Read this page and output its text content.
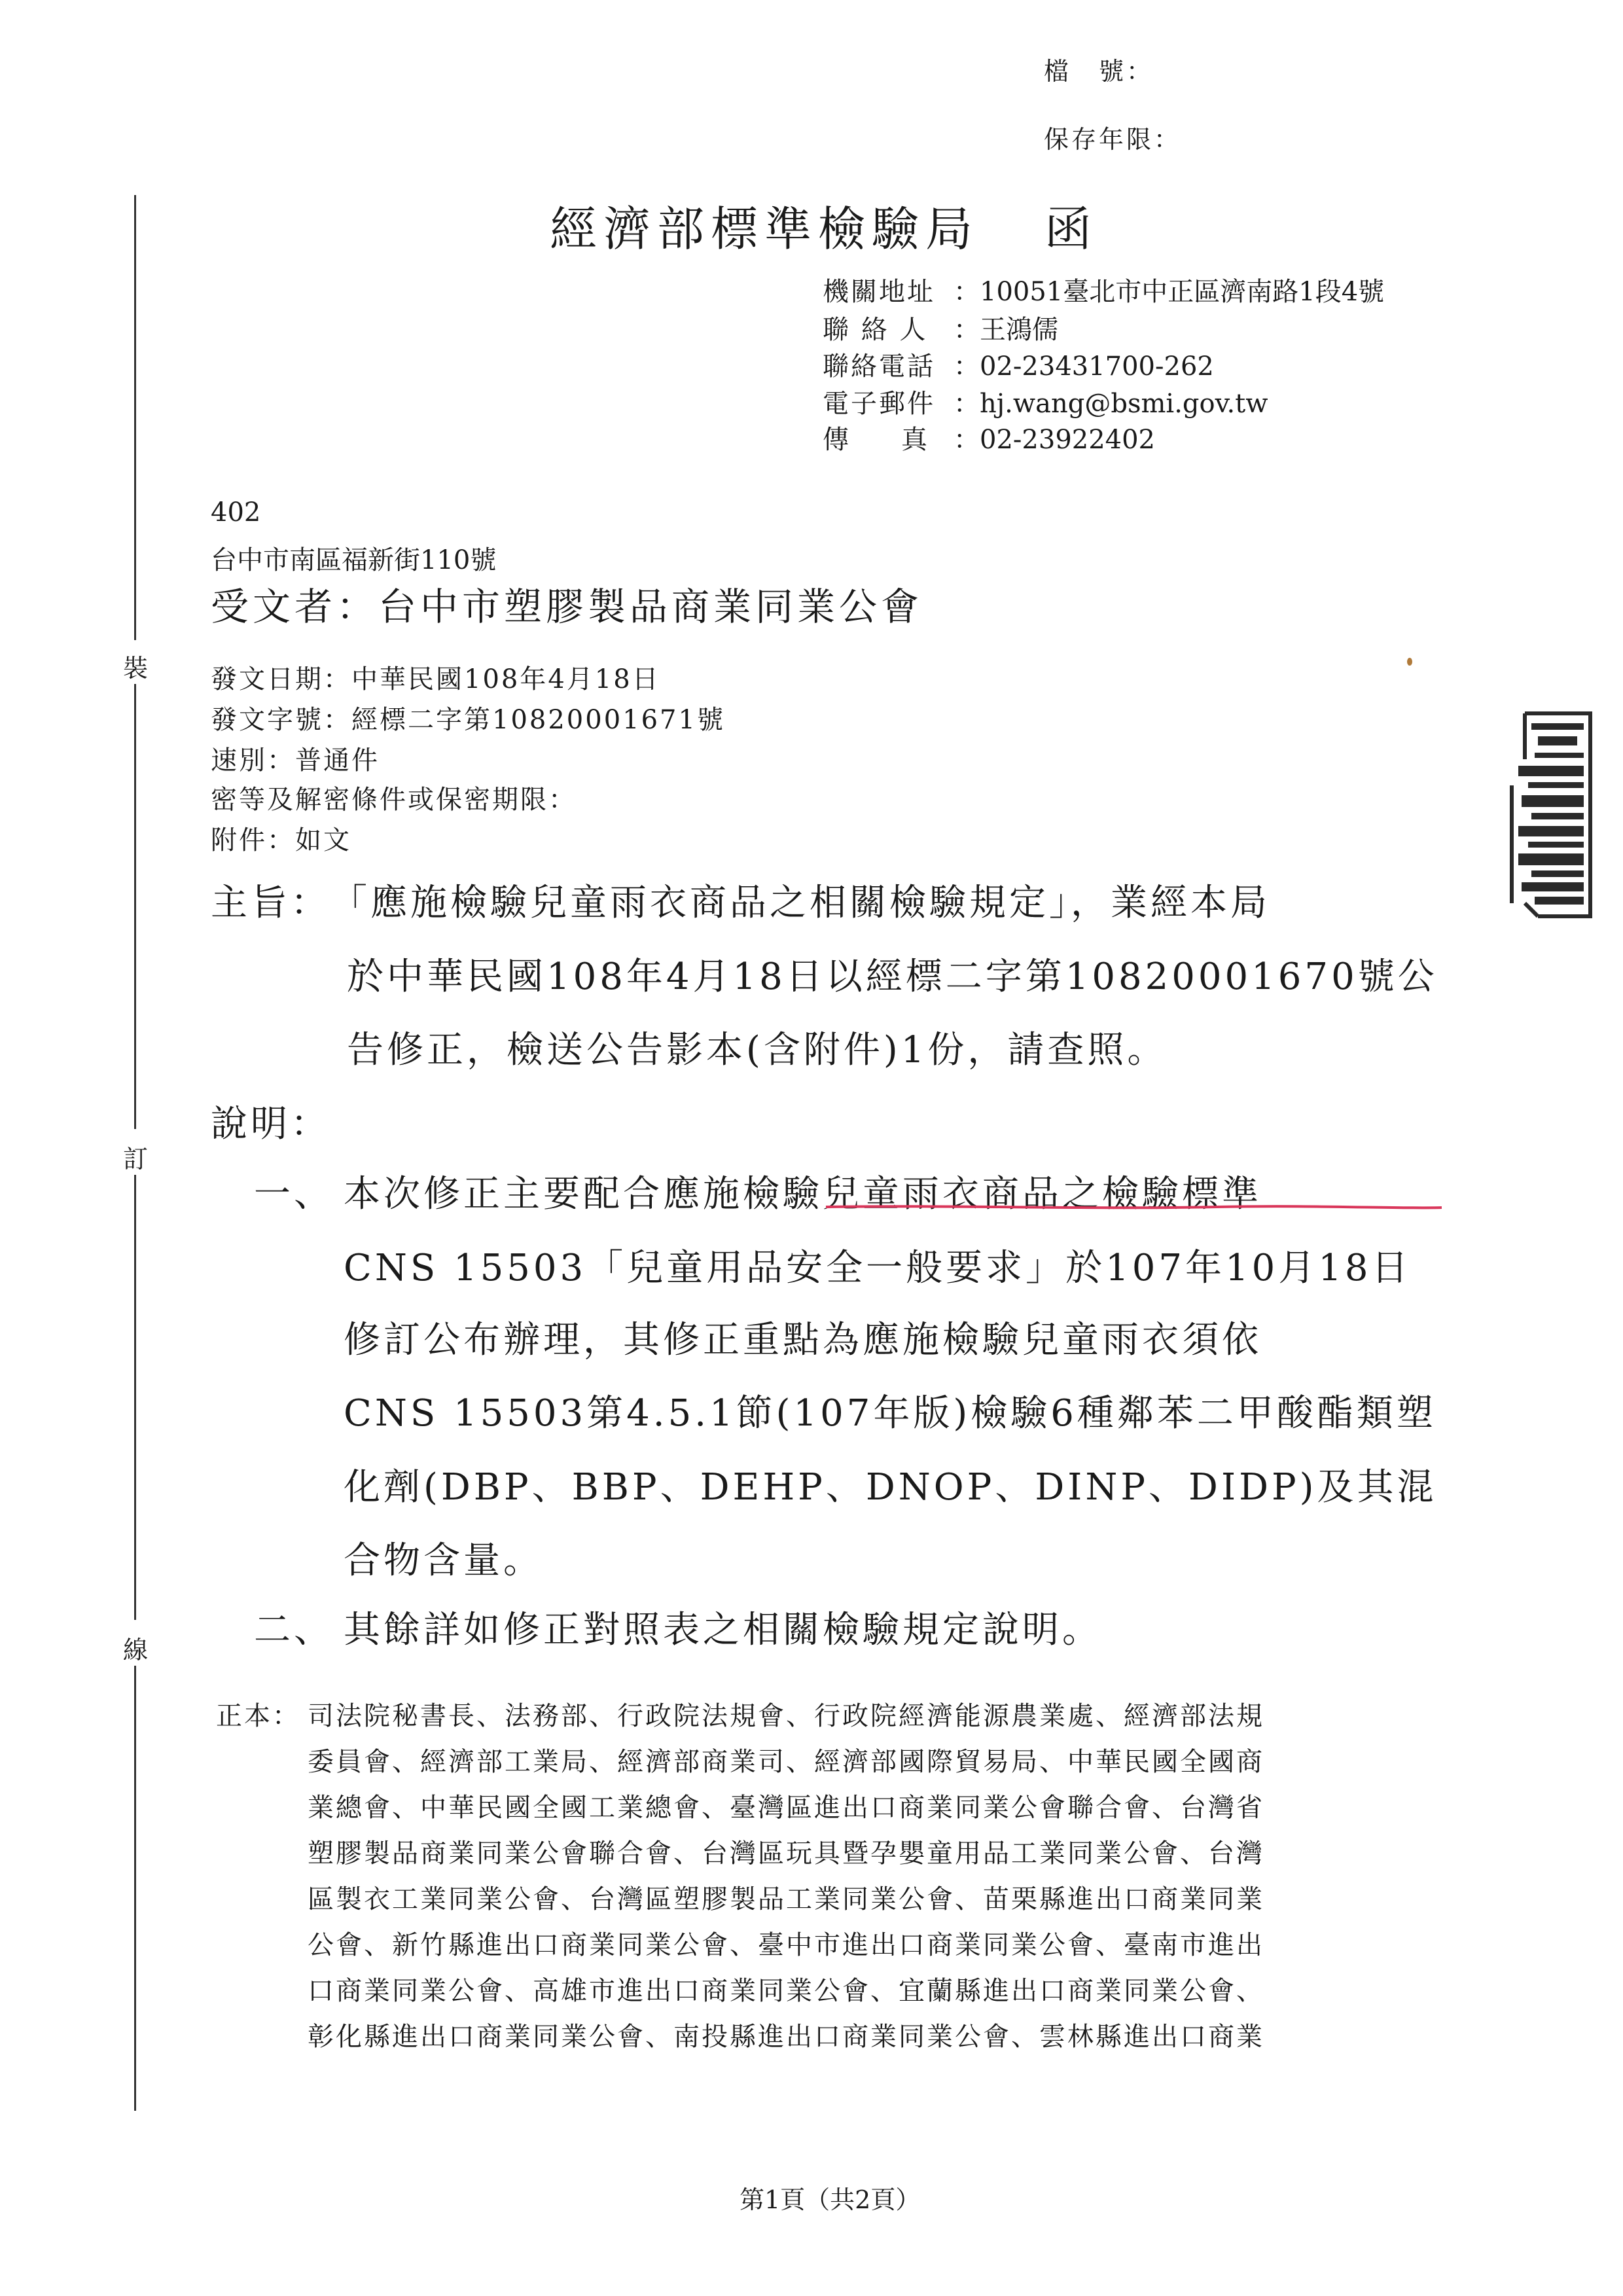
檔　號：
保存年限：
裝
訂
線
經濟部標準檢驗局 函
機關地址 ：10051臺北市中正區濟南路1段4號
聯 絡 人 ：王鴻儒
聯絡電話 ：02-23431700-262
電子郵件 ：hj.wang@bsmi.gov.tw
傳　　真 ：02-23922402
402
台中市南區福新街110號
受文者：台中市塑膠製品商業同業公會
發文日期：中華民國108年4月18日
發文字號：經標二字第10820001671號
速別：普通件
密等及解密條件或保密期限：
附件：如文
主旨： 「應施檢驗兒童雨衣商品之相關檢驗規定」，業經本局
於中華民國108年4月18日以經標二字第10820001670號公
告修正，檢送公告影本(含附件)1份，請查照。
說明：
一、 本次修正主要配合應施檢驗兒童雨衣商品之檢驗標準
CNS 15503「兒童用品安全一般要求」於107年10月18日
修訂公布辦理，其修正重點為應施檢驗兒童雨衣須依
CNS 15503第4.5.1節(107年版)檢驗6種鄰苯二甲酸酯類塑
化劑(DBP、BBP、DEHP、DNOP、DINP、DIDP)及其混
合物含量。
二、 其餘詳如修正對照表之相關檢驗規定說明。
正本： 司法院秘書長、法務部、行政院法規會、行政院經濟能源農業處、經濟部法規
委員會、經濟部工業局、經濟部商業司、經濟部國際貿易局、中華民國全國商
業總會、中華民國全國工業總會、臺灣區進出口商業同業公會聯合會、台灣省
塑膠製品商業同業公會聯合會、台灣區玩具暨孕嬰童用品工業同業公會、台灣
區製衣工業同業公會、台灣區塑膠製品工業同業公會、苗栗縣進出口商業同業
公會、新竹縣進出口商業同業公會、臺中市進出口商業同業公會、臺南市進出
口商業同業公會、高雄市進出口商業同業公會、宜蘭縣進出口商業同業公會、
彰化縣進出口商業同業公會、南投縣進出口商業同業公會、雲林縣進出口商業
第1頁（共2頁）
